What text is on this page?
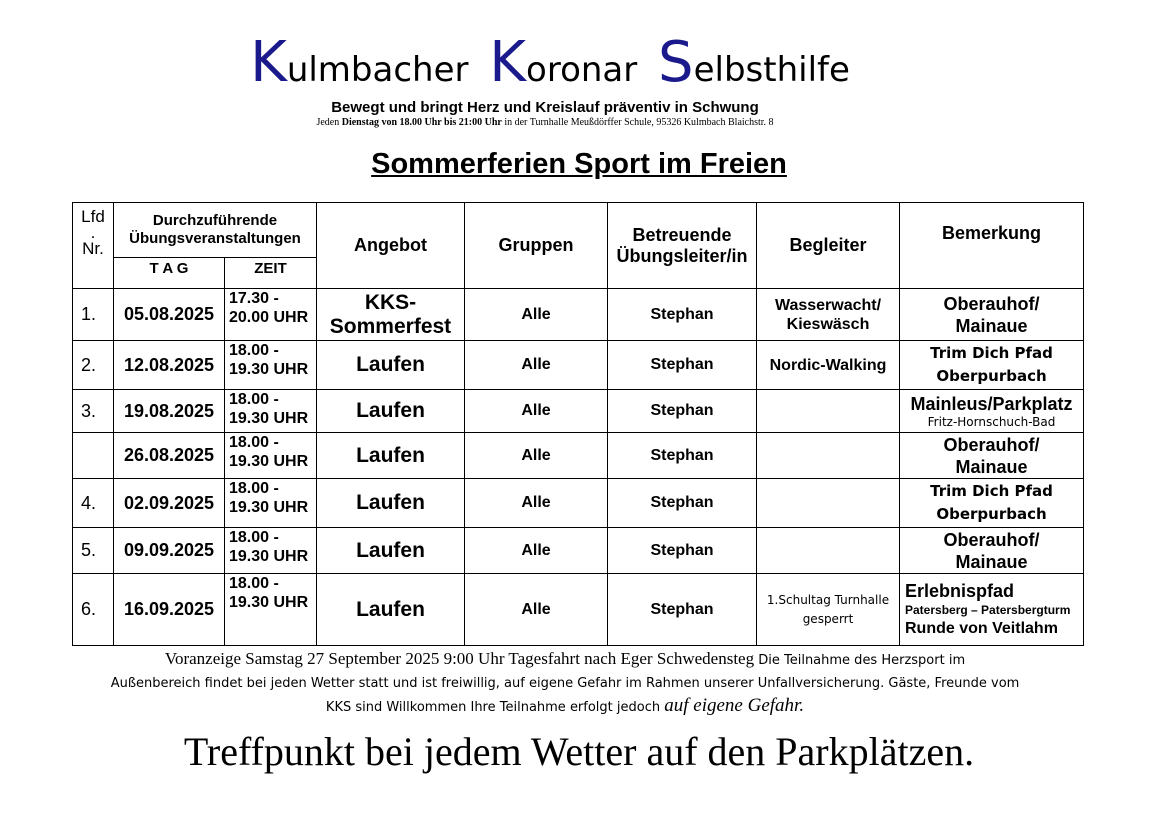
Kulmbacher Koronar Selbsthilfe
Bewegt und bringt Herz und Kreislauf präventiv in Schwung
Jeden Dienstag von 18.00 Uhr bis 21:00 Uhr in der Turnhalle Meußdörffer Schule, 95326 Kulmbach Blaichstr. 8
Sommerferien Sport im Freien
Lfd
.
Nr.	Durchzuführende Übungsveranstaltungen		Angebot	Gruppen	Betreuende Übungsleiter/in	Begleiter	Bemerkung
	T A G	ZEIT					
1.	05.08.2025	17.30 -
20.00 UHR	KKS-
Sommerfest	Alle	Stephan	Wasserwacht/
Kieswäsch	Oberauhof/
Mainaue

2.	12.08.2025	18.00 -
19.30 UHR	Laufen	Alle	Stephan	Nordic-Walking	Trim Dich Pfad
Oberpurbach

3.	19.08.2025	18.00 -
19.30 UHR	Laufen	Alle	Stephan		Mainleus/Parkplatz
Fritz-Hornschuch-Bad

	26.08.2025	18.00 -
19.30 UHR	Laufen	Alle	Stephan		Oberauhof/
Mainaue

4.	02.09.2025	18.00 -
19.30 UHR	Laufen	Alle	Stephan		Trim Dich Pfad
Oberpurbach

5.	09.09.2025	18.00 -
19.30 UHR	Laufen	Alle	Stephan		Oberauhof/
Mainaue

6.	16.09.2025	18.00 -
19.30 UHR	Laufen	Alle	Stephan	1.Schultag Turnhalle
gesperrt	Erlebnispfad
Patersberg – Patersbergturm
Runde von Veitlahm
Voranzeige Samstag 27 September 2025 9:00 Uhr Tagesfahrt nach Eger Schwedensteg Die Teilnahme des Herzsport im
Außenbereich findet bei jeden Wetter statt und ist freiwillig, auf eigene Gefahr im Rahmen unserer Unfallversicherung. Gäste, Freunde vom
KKS sind Willkommen Ihre Teilnahme erfolgt jedoch auf eigene Gefahr.
Treffpunkt bei jedem Wetter auf den Parkplätzen.
